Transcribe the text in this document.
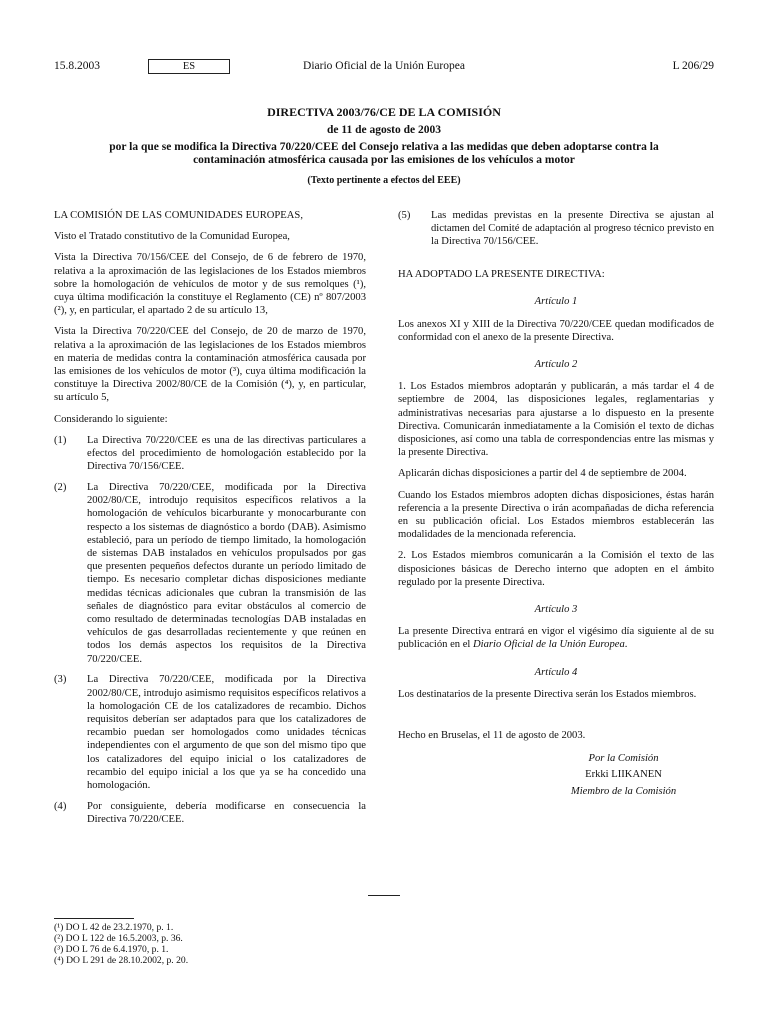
15.8.2003	ES	Diario Oficial de la Unión Europea	L 206/29
DIRECTIVA 2003/76/CE DE LA COMISIÓN
de 11 de agosto de 2003
por la que se modifica la Directiva 70/220/CEE del Consejo relativa a las medidas que deben adoptarse contra la contaminación atmosférica causada por las emisiones de los vehículos a motor
(Texto pertinente a efectos del EEE)

LA COMISIÓN DE LAS COMUNIDADES EUROPEAS,

Visto el Tratado constitutivo de la Comunidad Europea,

Vista la Directiva 70/156/CEE del Consejo, de 6 de febrero de 1970, relativa a la aproximación de las legislaciones de los Estados miembros sobre la homologación de vehículos de motor y de sus remolques (¹), cuya última modificación la constituye el Reglamento (CE) nº 807/2003 (²), y, en particular, el apartado 2 de su artículo 13,

Vista la Directiva 70/220/CEE del Consejo, de 20 de marzo de 1970, relativa a la aproximación de las legislaciones de los Estados miembros en materia de medidas contra la contaminación atmosférica causada por las emisiones de los vehículos de motor (³), cuya última modificación la constituye la Directiva 2002/80/CE de la Comisión (⁴), y, en particular, su artículo 5,

Considerando lo siguiente:

(1)	La Directiva 70/220/CEE es una de las directivas particulares a efectos del procedimiento de homologación establecido por la Directiva 70/156/CEE.
(2)	La Directiva 70/220/CEE, modificada por la Directiva 2002/80/CE, introdujo requisitos específicos relativos a la homologación de vehículos bicarburante y monocarburante con respecto a los sistemas de diagnóstico a bordo (DAB). Asimismo estableció, para un período de tiempo limitado, la homologación de sistemas DAB instalados en vehículos propulsados por gas que presenten pequeños defectos durante un período limitado de tiempo. Es necesario completar dichas disposiciones mediante medidas técnicas adicionales que cubran la transmisión de las señales de diagnóstico para evitar obstáculos al comercio de como resultado de determinadas tecnologías DAB instaladas en vehículos de gas desarrolladas recientemente y que reúnen en todos los demás aspectos los requisitos de la Directiva 70/220/CEE.
(3)	La Directiva 70/220/CEE, modificada por la Directiva 2002/80/CE, introdujo asimismo requisitos específicos relativos a la homologación CE de los catalizadores de recambio. Dichos requisitos deberían ser adaptados para que los catalizadores de recambio puedan ser homologados como unidades técnicas independientes con el argumento de que son del mismo tipo que los catalizadores del equipo inicial o los catalizadores de recambio del equipo inicial a los que ya se ha concedido una homologación.
(4)	Por consiguiente, debería modificarse en consecuencia la Directiva 70/220/CEE.
(5)	Las medidas previstas en la presente Directiva se ajustan al dictamen del Comité de adaptación al progreso técnico previsto en la Directiva 70/156/CEE.

HA ADOPTADO LA PRESENTE DIRECTIVA:

Artículo 1

Los anexos XI y XIII de la Directiva 70/220/CEE quedan modificados de conformidad con el anexo de la presente Directiva.

Artículo 2

1. Los Estados miembros adoptarán y publicarán, a más tardar el 4 de septiembre de 2004, las disposiciones legales, reglamentarias y administrativas necesarias para ajustarse a lo dispuesto en la presente Directiva. Comunicarán inmediatamente a la Comisión el texto de dichas disposiciones, así como una tabla de correspondencias entre las mismas y la presente Directiva.

Aplicarán dichas disposiciones a partir del 4 de septiembre de 2004.

Cuando los Estados miembros adopten dichas disposiciones, éstas harán referencia a la presente Directiva o irán acompañadas de dicha referencia en su publicación oficial. Los Estados miembros establecerán las modalidades de la mencionada referencia.

2. Los Estados miembros comunicarán a la Comisión el texto de las disposiciones básicas de Derecho interno que adopten en el ámbito regulado por la presente Directiva.

Artículo 3

La presente Directiva entrará en vigor el vigésimo día siguiente al de su publicación en el Diario Oficial de la Unión Europea.

Artículo 4

Los destinatarios de la presente Directiva serán los Estados miembros.

Hecho en Bruselas, el 11 de agosto de 2003.

Por la Comisión
Erkki LIIKANEN
Miembro de la Comisión
(¹) DO L 42 de 23.2.1970, p. 1.
(²) DO L 122 de 16.5.2003, p. 36.
(³) DO L 76 de 6.4.1970, p. 1.
(⁴) DO L 291 de 28.10.2002, p. 20.
